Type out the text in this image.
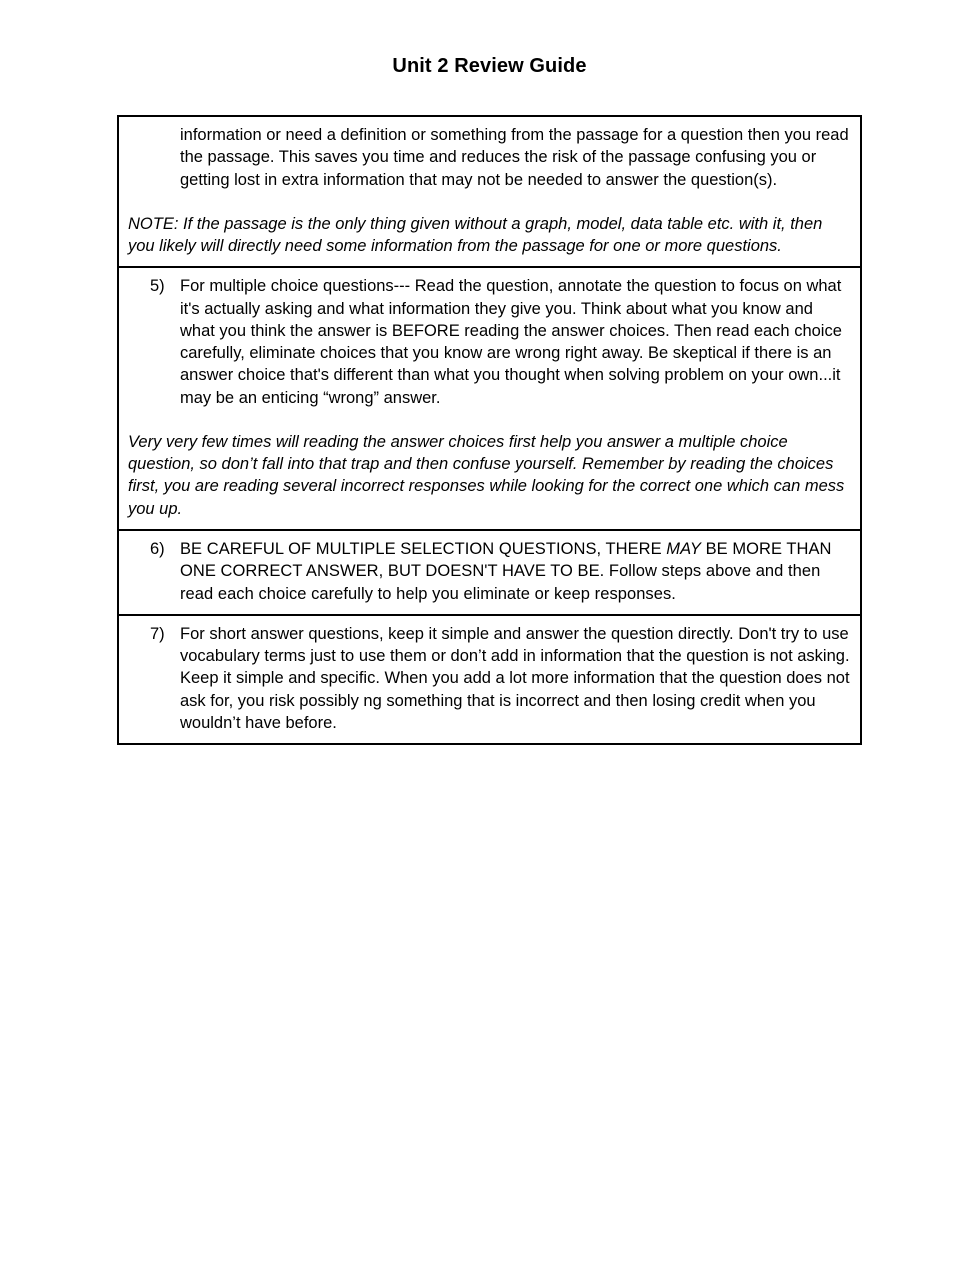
Unit 2 Review Guide

information or need a definition or something from the passage for a question then you read the passage. This saves you time and reduces the risk of the passage confusing you or getting lost in extra information that may not be needed to answer the question(s).

NOTE: If the passage is the only thing given without a graph, model, data table etc. with it, then you likely will directly need some information from the passage for one or more questions.

5) For multiple choice questions--- Read the question, annotate the question to focus on what it's actually asking and what information they give you. Think about what you know and what you think the answer is BEFORE reading the answer choices. Then read each choice carefully, eliminate choices that you know are wrong right away. Be skeptical if there is an answer choice that's different than what you thought when solving problem on your own...it may be an enticing “wrong” answer.

Very very few times will reading the answer choices first help you answer a multiple choice question, so don’t fall into that trap and then confuse yourself. Remember by reading the choices first, you are reading several incorrect responses while looking for the correct one which can mess you up.

6) BE CAREFUL OF MULTIPLE SELECTION QUESTIONS, THERE MAY BE MORE THAN ONE CORRECT ANSWER, BUT DOESN'T HAVE TO BE. Follow steps above and then read each choice carefully to help you eliminate or keep responses.
7) For short answer questions, keep it simple and answer the question directly. Don't try to use vocabulary terms just to use them or don’t add in information that the question is not asking. Keep it simple and specific. When you add a lot more information that the question does not ask for, you risk possibly ng something that is incorrect and then losing credit when you wouldn’t have before.
